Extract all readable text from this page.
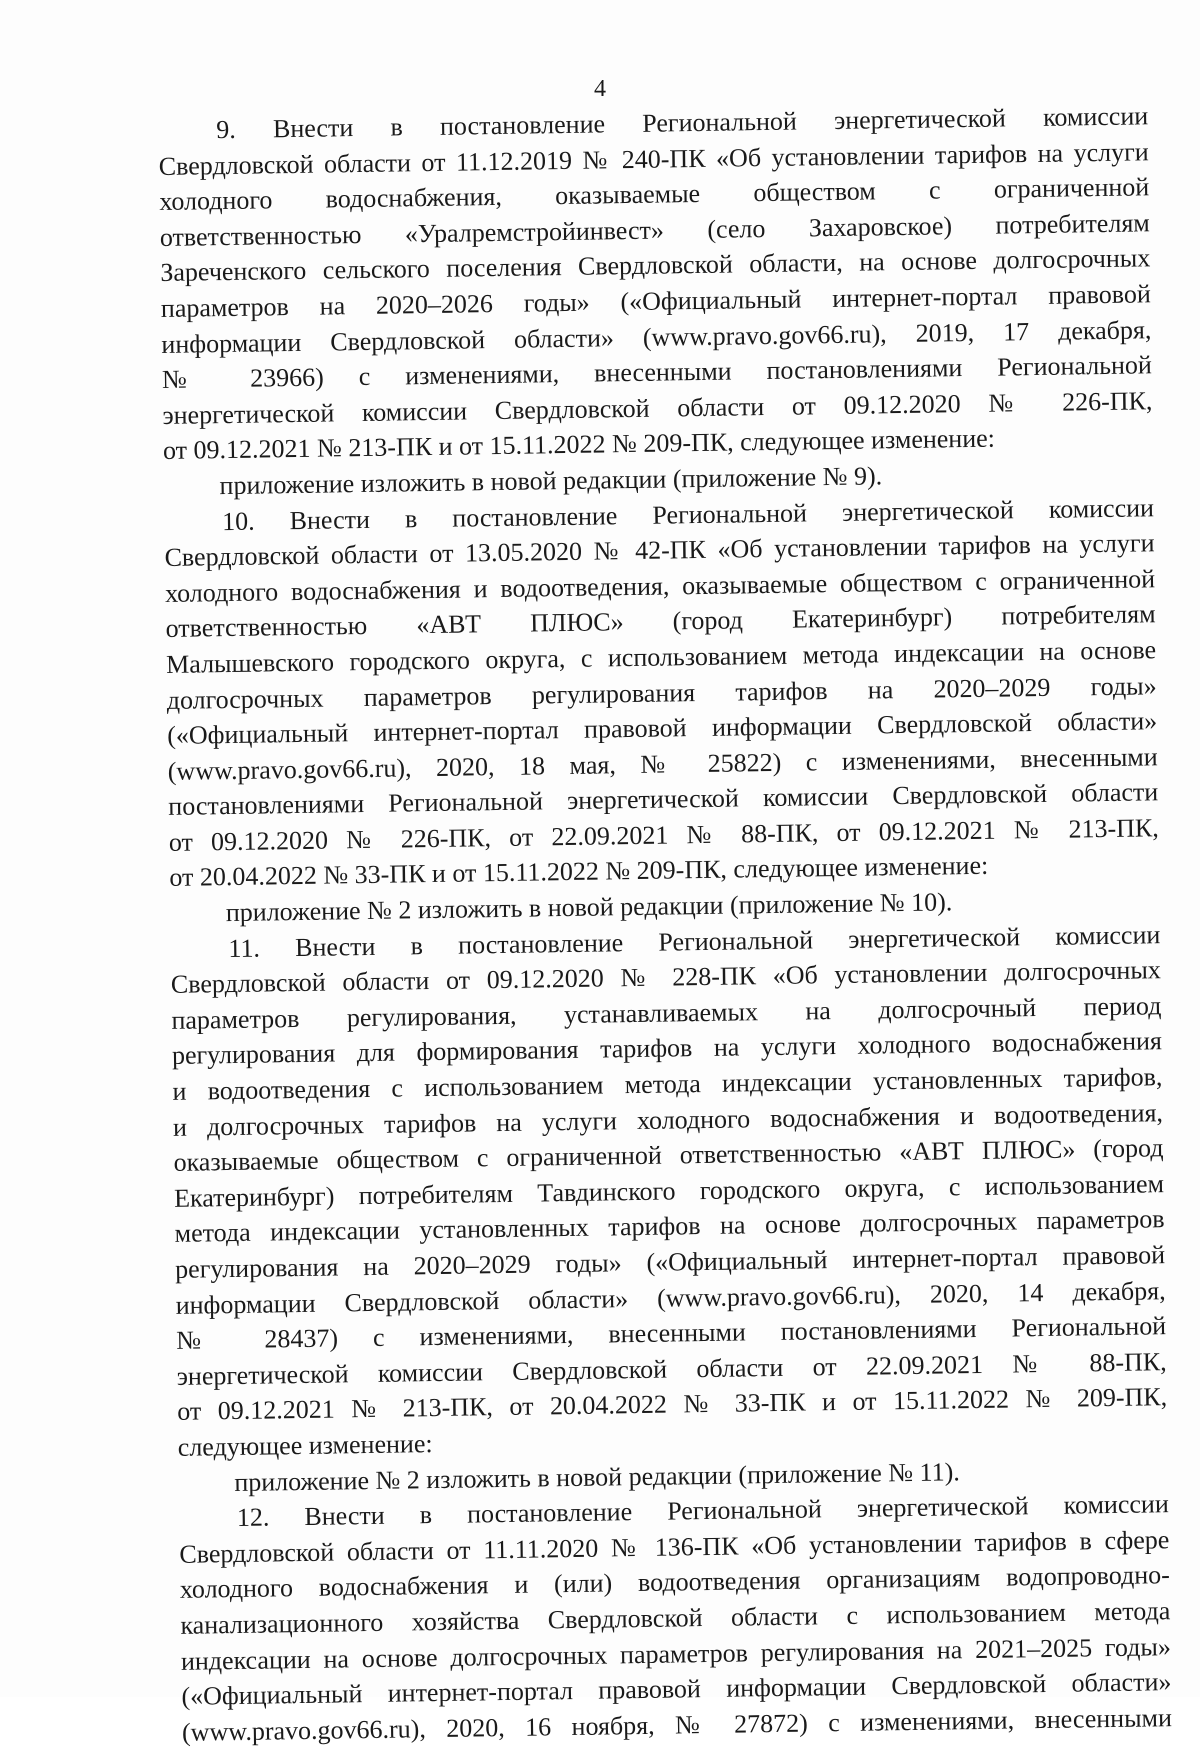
4
9. Внести в постановление Региональной энергетической комиссии
Свердловской области от 11.12.2019 № 240-ПК «Об установлении тарифов на услуги
холодного водоснабжения, оказываемые обществом с ограниченной
ответственностью «Уралремстройинвест» (село Захаровское) потребителям
Зареченского сельского поселения Свердловской области, на основе долгосрочных
параметров на 2020–2026 годы» («Официальный интернет-портал правовой
информации Свердловской области» (www.pravo.gov66.ru), 2019, 17 декабря,
№ 23966) с изменениями, внесенными постановлениями Региональной
энергетической комиссии Свердловской области от 09.12.2020 № 226-ПК,
от 09.12.2021 № 213-ПК и от 15.11.2022 № 209-ПК, следующее изменение:
приложение изложить в новой редакции (приложение № 9).
10. Внести в постановление Региональной энергетической комиссии
Свердловской области от 13.05.2020 № 42-ПК «Об установлении тарифов на услуги
холодного водоснабжения и водоотведения, оказываемые обществом с ограниченной
ответственностью «АВТ ПЛЮС» (город Екатеринбург) потребителям
Малышевского городского округа, с использованием метода индексации на основе
долгосрочных параметров регулирования тарифов на 2020–2029 годы»
(«Официальный интернет-портал правовой информации Свердловской области»
(www.pravo.gov66.ru), 2020, 18 мая, № 25822) с изменениями, внесенными
постановлениями Региональной энергетической комиссии Свердловской области
от 09.12.2020 № 226-ПК, от 22.09.2021 № 88-ПК, от 09.12.2021 № 213-ПК,
от 20.04.2022 № 33-ПК и от 15.11.2022 № 209-ПК, следующее изменение:
приложение № 2 изложить в новой редакции (приложение № 10).
11. Внести в постановление Региональной энергетической комиссии
Свердловской области от 09.12.2020 № 228-ПК «Об установлении долгосрочных
параметров регулирования, устанавливаемых на долгосрочный период
регулирования для формирования тарифов на услуги холодного водоснабжения
и водоотведения с использованием метода индексации установленных тарифов,
и долгосрочных тарифов на услуги холодного водоснабжения и водоотведения,
оказываемые обществом с ограниченной ответственностью «АВТ ПЛЮС» (город
Екатеринбург) потребителям Тавдинского городского округа, с использованием
метода индексации установленных тарифов на основе долгосрочных параметров
регулирования на 2020–2029 годы» («Официальный интернет-портал правовой
информации Свердловской области» (www.pravo.gov66.ru), 2020, 14 декабря,
№ 28437) с изменениями, внесенными постановлениями Региональной
энергетической комиссии Свердловской области от 22.09.2021 № 88-ПК,
от 09.12.2021 № 213-ПК, от 20.04.2022 № 33-ПК и от 15.11.2022 № 209-ПК,
следующее изменение:
приложение № 2 изложить в новой редакции (приложение № 11).
12. Внести в постановление Региональной энергетической комиссии
Свердловской области от 11.11.2020 № 136-ПК «Об установлении тарифов в сфере
холодного водоснабжения и (или) водоотведения организациям водопроводно-
канализационного хозяйства Свердловской области с использованием метода
индексации на основе долгосрочных параметров регулирования на 2021–2025 годы»
(«Официальный интернет-портал правовой информации Свердловской области»
(www.pravo.gov66.ru), 2020, 16 ноября, № 27872) с изменениями, внесенными
